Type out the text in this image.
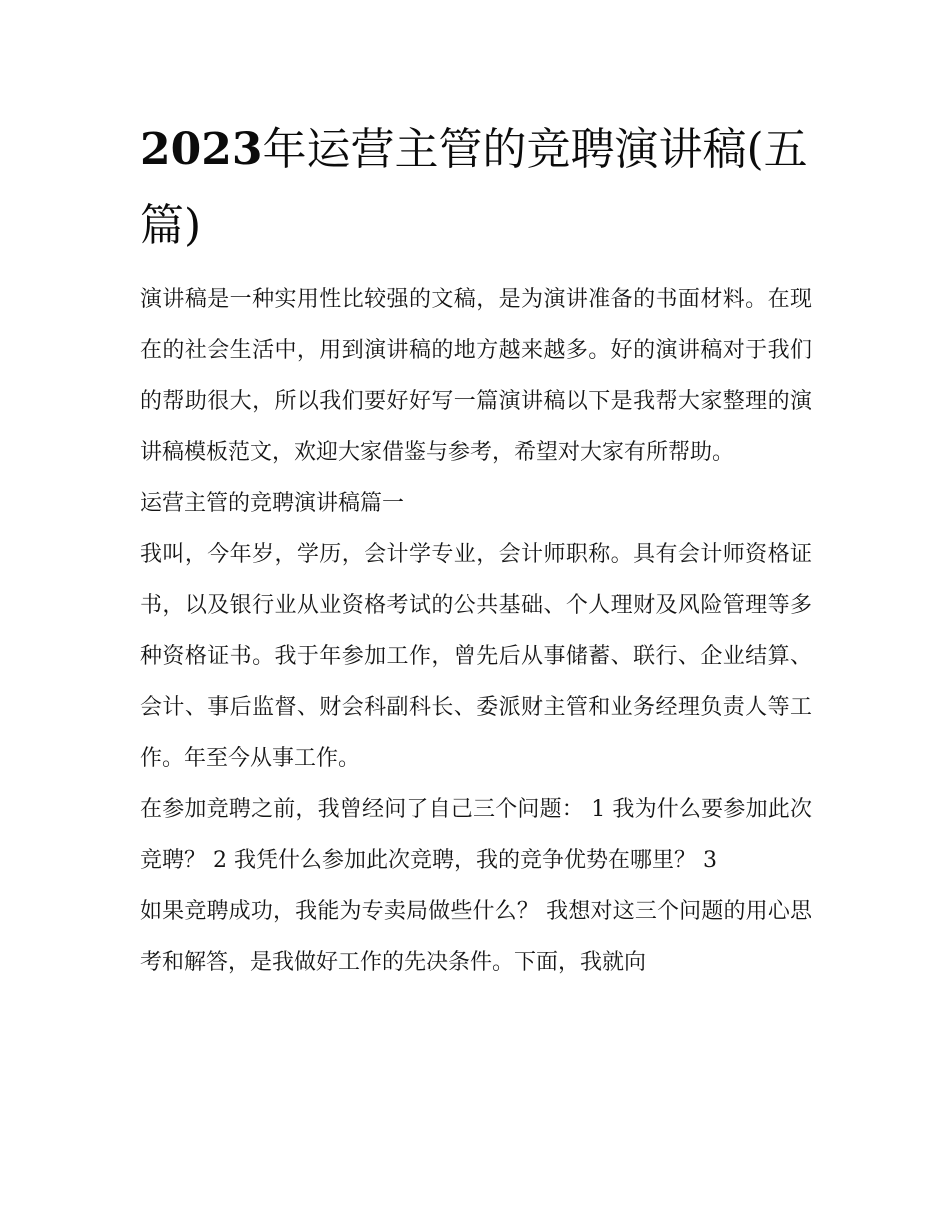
2023年运营主管的竞聘演讲稿(五篇)

演讲稿是一种实用性比较强的文稿，是为演讲准备的书面材料。在现在的社会生活中，用到演讲稿的地方越来越多。好的演讲稿对于我们的帮助很大，所以我们要好好写一篇演讲稿以下是我帮大家整理的演讲稿模板范文，欢迎大家借鉴与参考，希望对大家有所帮助。

运营主管的竞聘演讲稿篇一

我叫，今年岁，学历，会计学专业，会计师职称。具有会计师资格证书，以及银行业从业资格考试的公共基础、个人理财及风险管理等多种资格证书。我于年参加工作，曾先后从事储蓄、联行、企业结算、会计、事后监督、财会科副科长、委派财主管和业务经理负责人等工作。年至今从事工作。

在参加竞聘之前，我曾经问了自己三个问题： 1 我为什么要参加此次竞聘？ 2 我凭什么参加此次竞聘，我的竞争优势在哪里？ 3

如果竞聘成功，我能为专卖局做些什么？ 我想对这三个问题的用心思考和解答，是我做好工作的先决条件。下面，我就向
